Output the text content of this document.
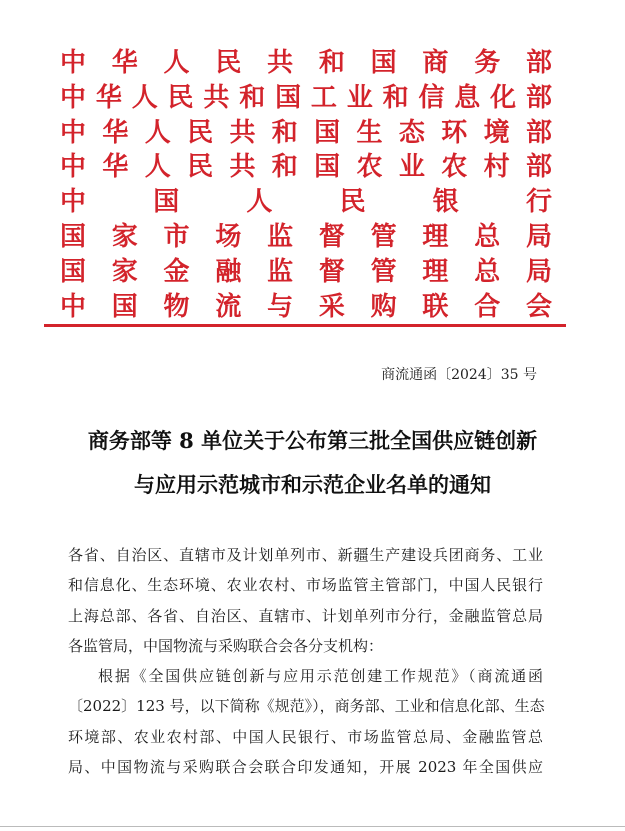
中华人民共和国商务部
中华人民共和国工业和信息化部
中华人民共和国生态环境部
中华人民共和国农业农村部
中国人民银行
国家市场监督管理总局
国家金融监督管理总局
中国物流与采购联合会
商流通函〔2024〕35 号
商务部等 8 单位关于公布第三批全国供应链创新
与应用示范城市和示范企业名单的通知
各省、自治区、直辖市及计划单列市、新疆生产建设兵团商务、工业
和信息化、生态环境、农业农村、市场监管主管部门，中国人民银行
上海总部、各省、自治区、直辖市、计划单列市分行，金融监管总局
各监管局，中国物流与采购联合会各分支机构：
根据《全国供应链创新与应用示范创建工作规范》（商流通函
〔2022〕123 号，以下简称《规范》），商务部、工业和信息化部、生态
环境部、农业农村部、中国人民银行、市场监管总局、金融监管总
局、中国物流与采购联合会联合印发通知，开展 2023 年全国供应
